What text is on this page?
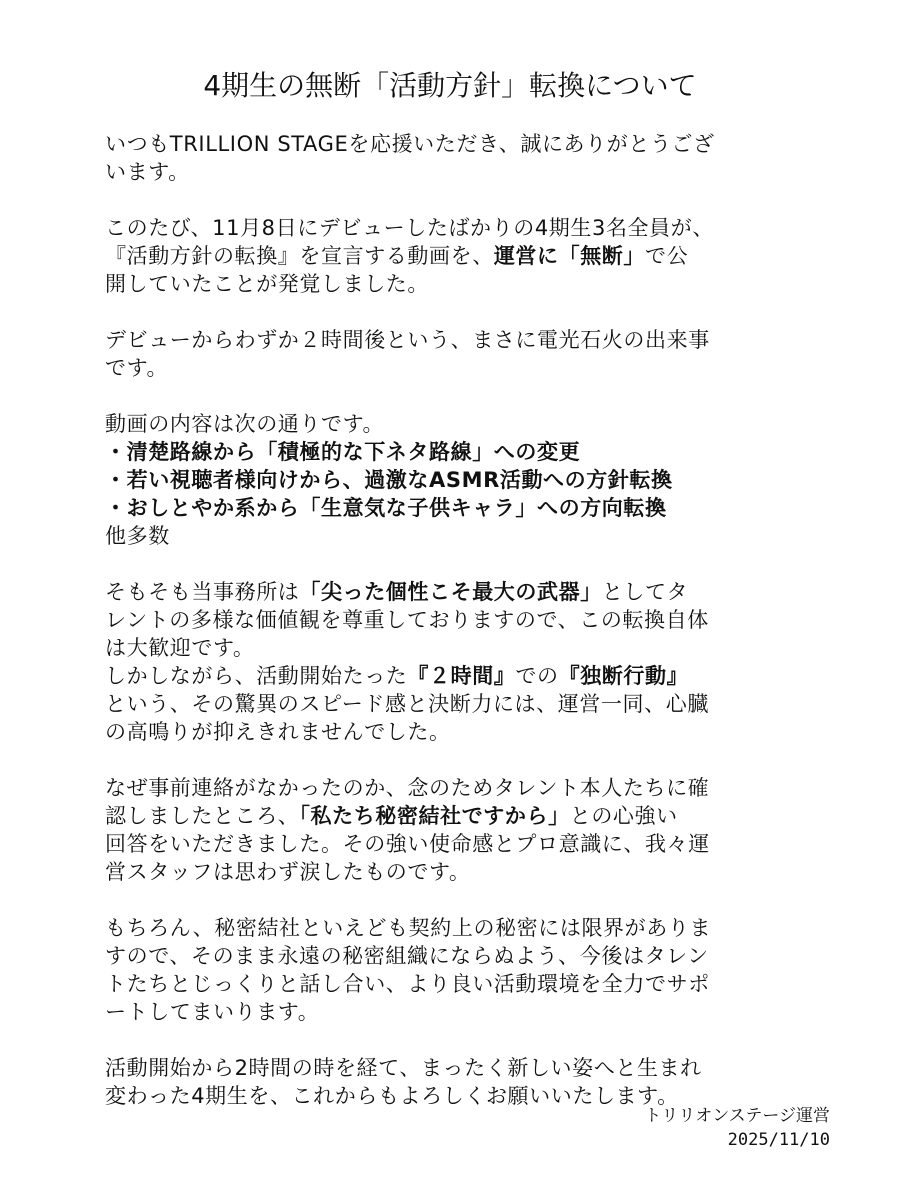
4期生の無断「活動方針」転換について

いつもTRILLION STAGEを応援いただき、誠にありがとうござ
います。

このたび、11月8日にデビューしたばかりの4期生3名全員が、
『活動方針の転換』を宣言する動画を、運営に「無断」で公
開していたことが発覚しました。

デビューからわずか２時間後という、まさに電光石火の出来事
です。

動画の内容は次の通りです。
・清楚路線から「積極的な下ネタ路線」への変更
・若い視聴者様向けから、過激なASMR活動への方針転換
・おしとやか系から「生意気な子供キャラ」への方向転換
他多数

そもそも当事務所は「尖った個性こそ最大の武器」としてタ
レントの多様な価値観を尊重しておりますので、この転換自体
は大歓迎です。
しかしながら、活動開始たった『２時間』での『独断行動』
という、その驚異のスピード感と決断力には、運営一同、心臓
の高鳴りが抑えきれませんでした。

なぜ事前連絡がなかったのか、念のためタレント本人たちに確
認しましたところ、「私たち秘密結社ですから」との心強い
回答をいただきました。その強い使命感とプロ意識に、我々運
営スタッフは思わず涙したものです。

もちろん、秘密結社といえども契約上の秘密には限界がありま
すので、そのまま永遠の秘密組織にならぬよう、今後はタレン
トたちとじっくりと話し合い、より良い活動環境を全力でサポ
ートしてまいります。

活動開始から2時間の時を経て、まったく新しい姿へと生まれ
変わった4期生を、これからもよろしくお願いいたします。

トリリオンステージ運営
2025/11/10
